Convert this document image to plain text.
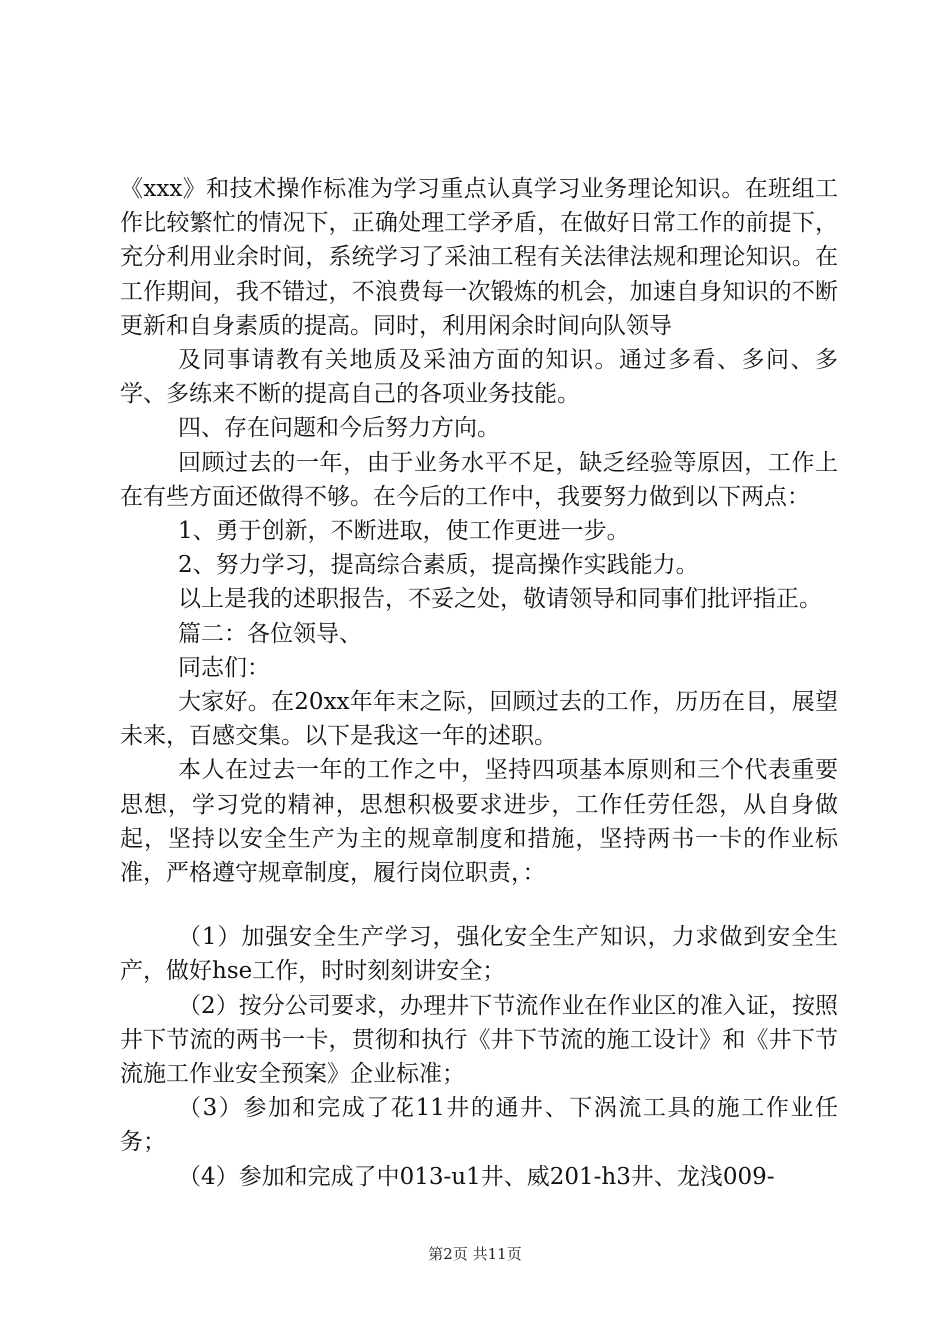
《xxx》和技术操作标准为学习重点认真学习业务理论知识。在班组工作比较繁忙的情况下，正确处理工学矛盾，在做好日常工作的前提下，充分利用业余时间，系统学习了采油工程有关法律法规和理论知识。在工作期间，我不错过，不浪费每一次锻炼的机会，加速自身知识的不断更新和自身素质的提高。同时，利用闲余时间向队领导

及同事请教有关地质及采油方面的知识。通过多看、多问、多学、多练来不断的提高自己的各项业务技能。

四、存在问题和今后努力方向。

回顾过去的一年，由于业务水平不足，缺乏经验等原因，工作上在有些方面还做得不够。在今后的工作中，我要努力做到以下两点：

1、勇于创新，不断进取，使工作更进一步。

2、努力学习，提高综合素质，提高操作实践能力。

以上是我的述职报告，不妥之处，敬请领导和同事们批评指正。

篇二：各位领导、

同志们：

大家好。在20xx年年末之际，回顾过去的工作，历历在目，展望未来，百感交集。以下是我这一年的述职。

本人在过去一年的工作之中，坚持四项基本原则和三个代表重要思想，学习党的精神，思想积极要求进步，工作任劳任怨，从自身做起，坚持以安全生产为主的规章制度和措施，坚持两书一卡的作业标准，严格遵守规章制度，履行岗位职责，：

（1）加强安全生产学习，强化安全生产知识，力求做到安全生产，做好hse工作，时时刻刻讲安全；

（2）按分公司要求，办理井下节流作业在作业区的准入证，按照井下节流的两书一卡，贯彻和执行《井下节流的施工设计》和《井下节流施工作业安全预案》企业标准；

（3）参加和完成了花11井的通井、下涡流工具的施工作业任务；

（4）参加和完成了中013-u1井、威201-h3井、龙浅009-

第2页 共11页
